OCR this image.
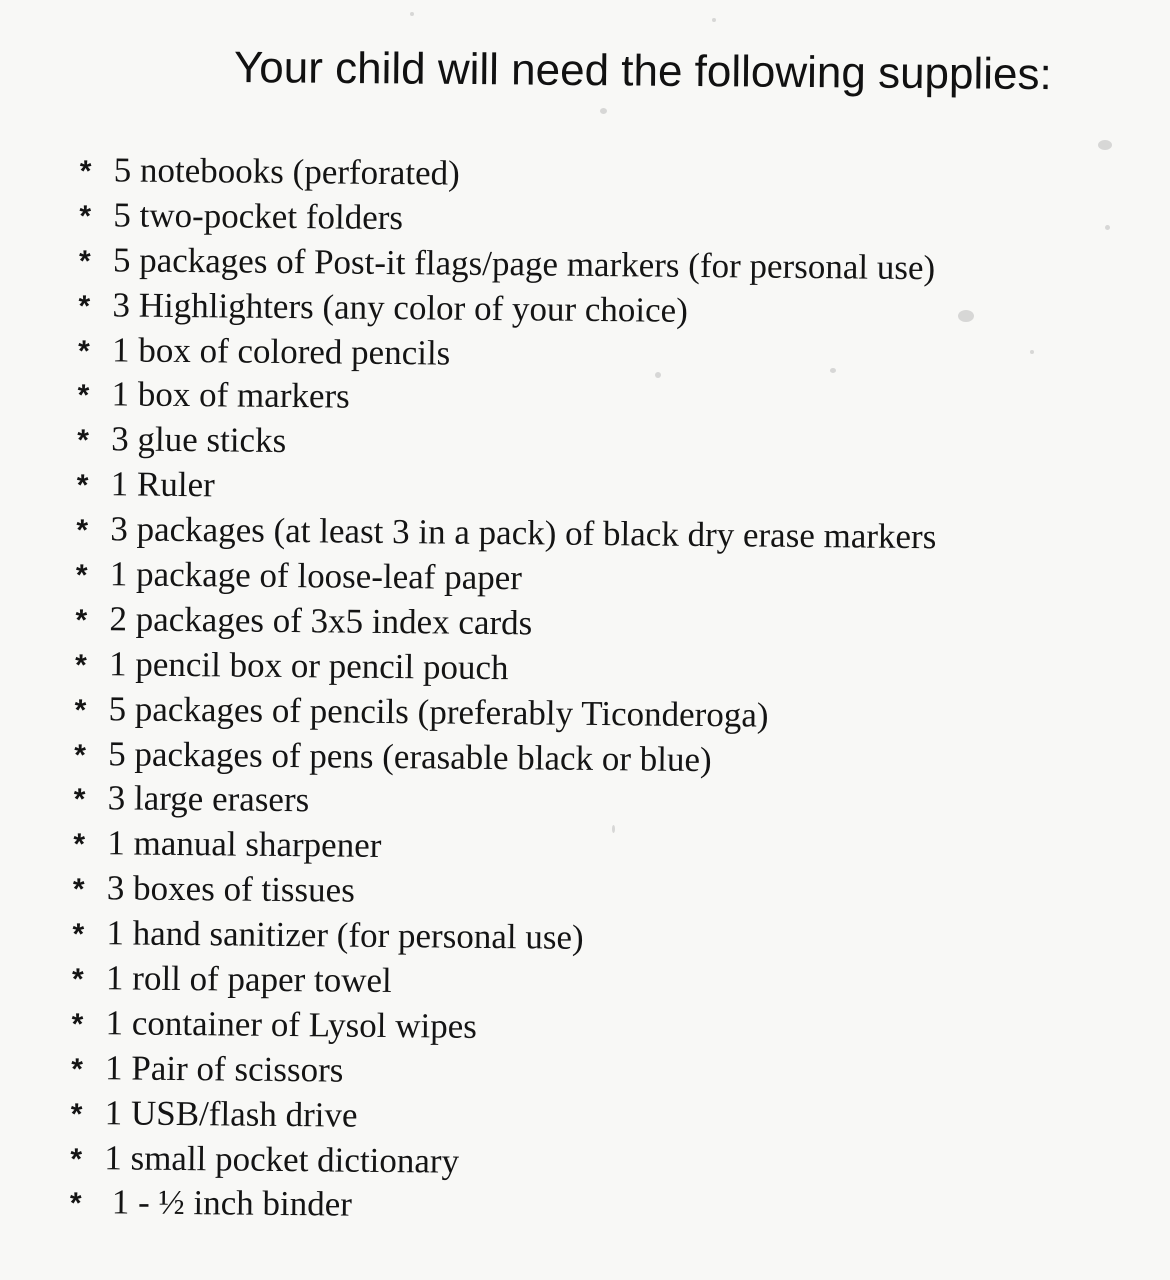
Your child will need the following supplies:
* 5 notebooks (perforated)
* 5 two-pocket folders
* 5 packages of Post-it flags/page markers (for personal use)
* 3 Highlighters (any color of your choice)
* 1 box of colored pencils
* 1 box of markers
* 3 glue sticks
* 1 Ruler
* 3 packages (at least 3 in a pack) of black dry erase markers
* 1 package of loose-leaf paper
* 2 packages of 3x5 index cards
* 1 pencil box or pencil pouch
* 5 packages of pencils (preferably Ticonderoga)
* 5 packages of pens (erasable black or blue)
* 3 large erasers
* 1 manual sharpener
* 3 boxes of tissues
* 1 hand sanitizer (for personal use)
* 1 roll of paper towel
* 1 container of Lysol wipes
* 1 Pair of scissors
* 1 USB/flash drive
* 1 small pocket dictionary
* 1 - ½ inch binder
